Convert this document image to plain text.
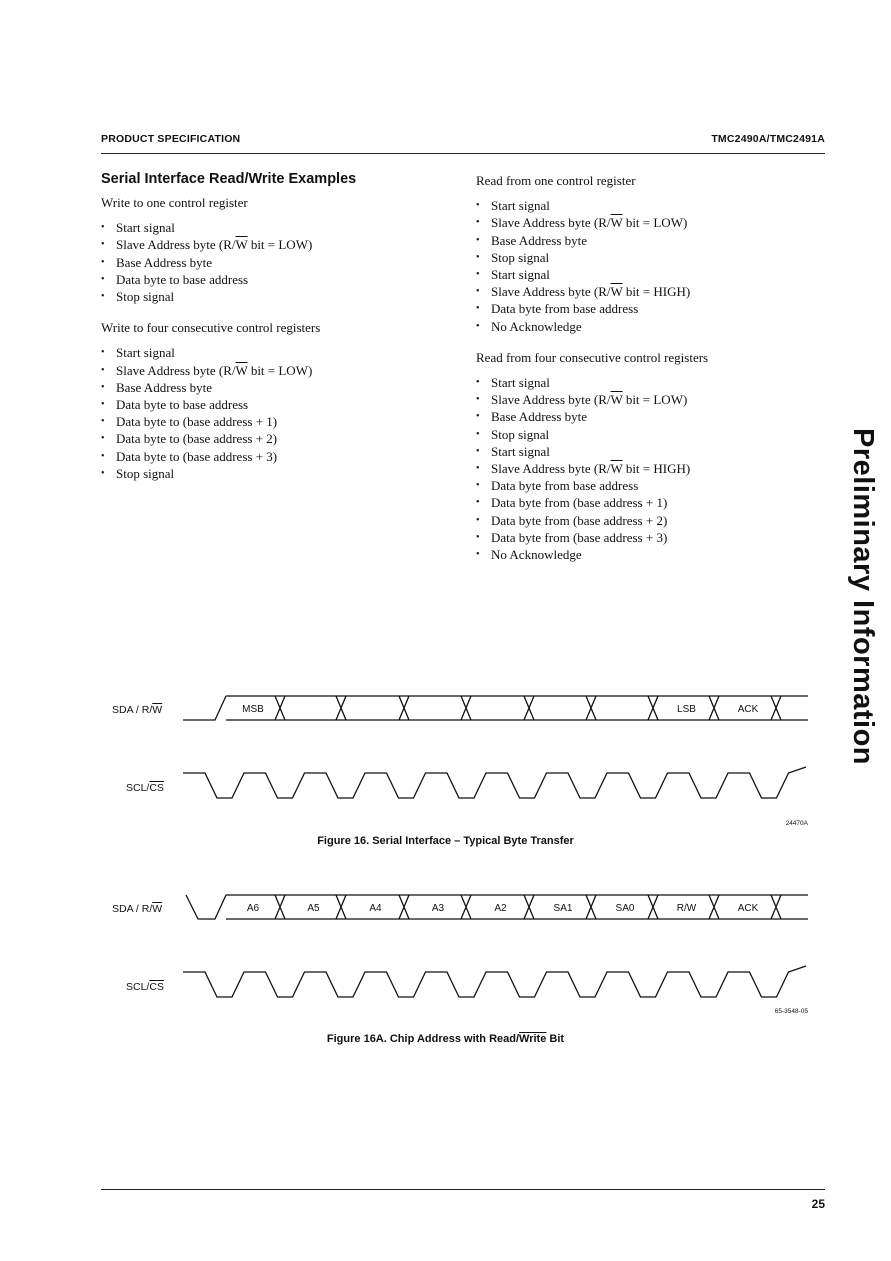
PRODUCT SPECIFICATION	TMC2490A/TMC2491A
Serial Interface Read/Write Examples
Write to one control register
• Start signal
• Slave Address byte ($R/\overline{W}$ bit = LOW)
• Base Address byte
• Data byte to base address
• Stop signal
Write to four consecutive control registers
• Start signal
• Slave Address byte ($R/\overline{W}$ bit = LOW)
• Base Address byte
• Data byte to base address
• Data byte to (base address + 1)
• Data byte to (base address + 2)
• Data byte to (base address + 3)
• Stop signal
Read from one control register
• Start signal
• Slave Address byte ($R/\overline{W}$ bit = LOW)
• Base Address byte
• Stop signal
• Start signal
• Slave Address byte ($R/\overline{W}$ bit = HIGH)
• Data byte from base address
• No Acknowledge
Read from four consecutive control registers
• Start signal
• Slave Address byte ($R/\overline{W}$ bit = LOW)
• Base Address byte
• Stop signal
• Start signal
• Slave Address byte ($R/\overline{W}$ bit = HIGH)
• Data byte from base address
• Data byte from (base address + 1)
• Data byte from (base address + 2)
• Data byte from (base address + 3)
• No Acknowledge	Preliminary Information
SDA / $R/\overline{W}$
SCL/$\overline{CS}$
MSB	LSB	ACK
24470A
Figure 16. Serial Interface – Typical Byte Transfer
SDA / $R/\overline{W}$
SCL/$\overline{CS}$
A6	A5	A4	A3	A2	SA1	SA0	R/W	ACK
65-3548-05
Figure 16A. Chip Address with Read/Write Bit
25
